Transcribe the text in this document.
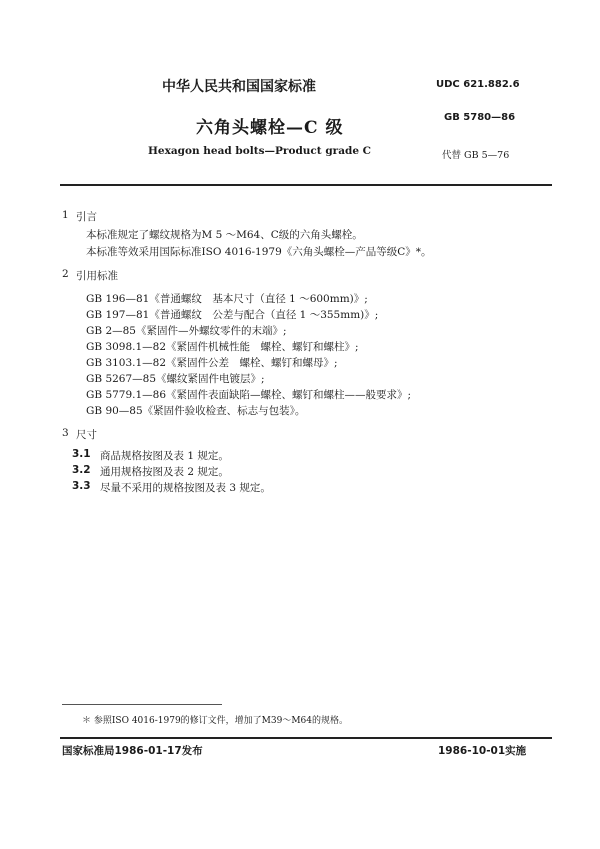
中华人民共和国国家标准	UDC 621.882.6
六角头螺栓—C 级
GB 5780—86
Hexagon head bolts—Product grade C	代替 GB 5—76
1 引言
本标准规定了螺纹规格为M 5 ～M64、C级的六角头螺栓。
本标准等效采用国际标准ISO 4016-1979《六角头螺栓—产品等级C》*。
2 引用标准
GB 196—81《普通螺纹　基本尺寸（直径 1 ～600mm)》;
GB 197—81《普通螺纹　公差与配合（直径 1 ～355mm)》;
GB 2—85《紧固件—外螺纹零件的末端》;
GB 3098.1—82《紧固件机械性能　螺栓、螺钉和螺柱》;
GB 3103.1—82《紧固件公差　螺栓、螺钉和螺母》;
GB 5267—85《螺纹紧固件电镀层》;
GB 5779.1—86《紧固件表面缺陷—螺栓、螺钉和螺柱——般要求》;
GB 90—85《紧固件验收检查、标志与包装》。
3 尺寸
3.1 商品规格按图及表 1 规定。
3.2 通用规格按图及表 2 规定。
3.3 尽量不采用的规格按图及表 3 规定。
＊ 参照ISO 4016-1979的修订文件，增加了M39～M64的规格。
国家标准局1986-01-17发布	1986-10-01实施
